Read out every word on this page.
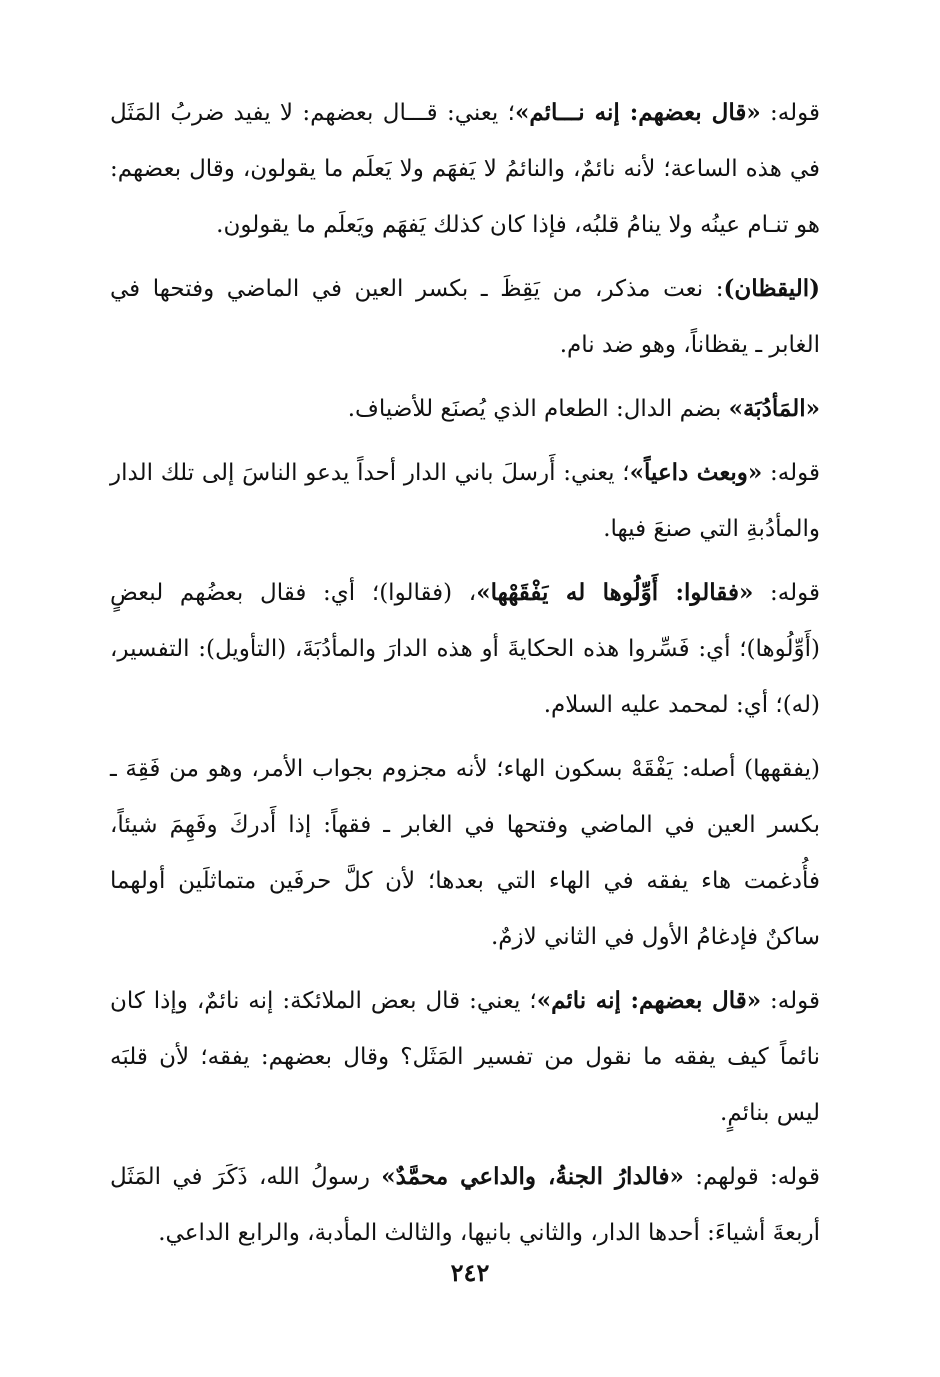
قوله: «قال بعضهم: إنه نـــائم»؛ يعني: قـــال بعضهم: لا يفيد ضربُ المَثَل في هذه الساعة؛ لأنه نائمٌ، والنائمُ لا يَفهَم ولا يَعلَم ما يقولون، وقال بعضهم: هو تنـام عينُه ولا ينامُ قلبُه، فإذا كان كذلك يَفهَم ويَعلَم ما يقولون.

(اليقظان): نعت مذكر، من يَقِظَ ـ بكسر العين في الماضي وفتحها في الغابر ـ يقظاناً، وهو ضد نام.

«المَأدُبَة» بضم الدال: الطعام الذي يُصنَع للأضياف.

قوله: «وبعث داعياً»؛ يعني: أَرسلَ باني الدار أحداً يدعو الناسَ إلى تلك الدار والمأدُبةِ التي صنعَ فيها.

قوله: «فقالوا: أَوِّلُوها له يَفْقَهْها»، (فقالوا)؛ أي: فقال بعضُهم لبعضٍ (أَوِّلُوها)؛ أي: فَسِّروا هذه الحكايةَ أو هذه الدارَ والمأدُبَةَ، (التأويل): التفسير، (له)؛ أي: لمحمد عليه السلام.

(يفقهها) أصله: يَفْقَهْ بسكون الهاء؛ لأنه مجزوم بجواب الأمر، وهو من فَقِهَ ـ بكسر العين في الماضي وفتحها في الغابر ـ فقهاً: إذا أَدركَ وفَهِمَ شيئاً، فأُدغمت هاء يفقه في الهاء التي بعدها؛ لأن كلَّ حرفَين متماثلَين أولهما ساكنٌ فإدغامُ الأول في الثاني لازمٌ.

قوله: «قال بعضهم: إنه نائم»؛ يعني: قال بعض الملائكة: إنه نائمٌ، وإذا كان نائماً كيف يفقه ما نقول من تفسير المَثَل؟ وقال بعضهم: يفقه؛ لأن قلبَه ليس بنائمٍ.

قوله: قولهم: «فالدارُ الجنةُ، والداعي محمَّدٌ» رسولُ الله، ذَكَرَ في المَثَل أربعةَ أشياءَ: أحدها الدار، والثاني بانيها، والثالث المأدبة، والرابع الداعي.

٢٤٢
